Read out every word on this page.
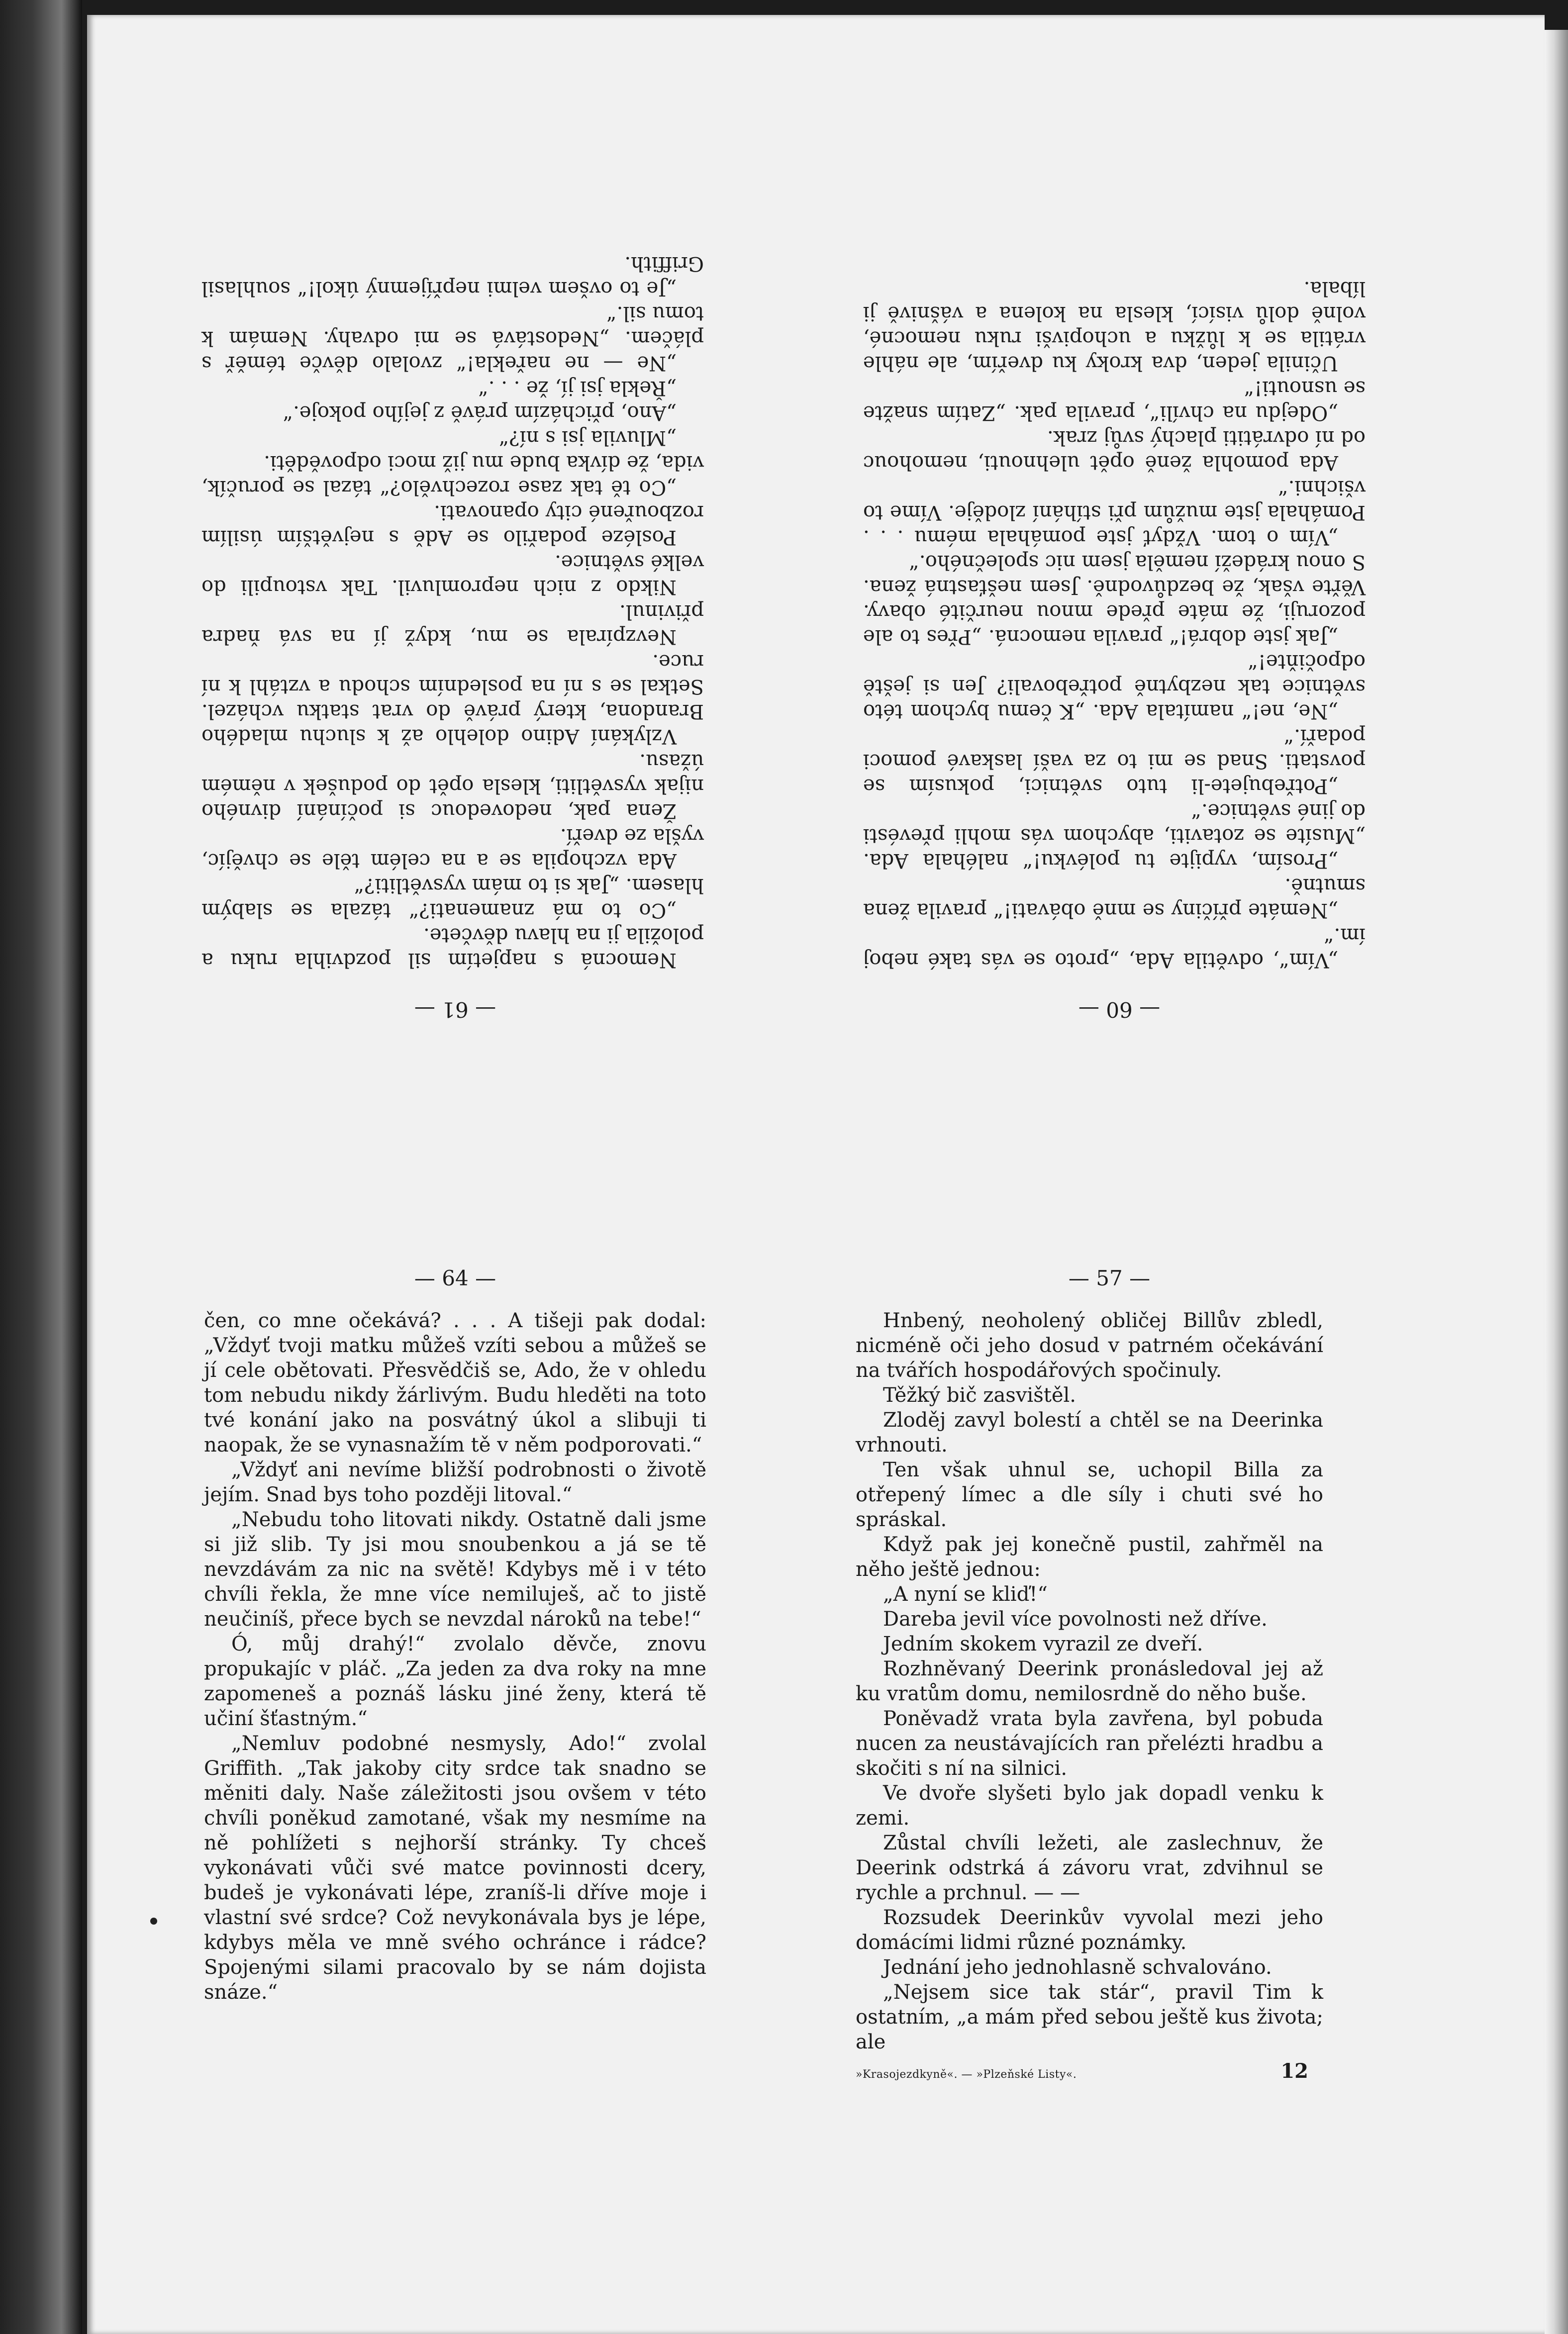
— 60 —

„Vím“, odvětila Ada, „proto se vás také neboj ím.“

„Nemáte příčiny se mně obávati!“ pravila žena smutně.

„Prosím, vypijte tu polévku!“ naléhala Ada. „Musíte se zotaviti, abychom vás mohli převésti do jiné světnice.“

„Potřebujete-li tuto světnici, pokusím se povstati. Snad se mi to za vaší laskavé pomoci podaří.“

„Ne, ne!“ namítala Ada. „K čemu bychom této světnice tak nezbytně potřebovali? Jen si ještě odpočiňte!“

„Jak jste dobrá!“ pravila nemocná. „Přes to ale pozoruji, že máte přede mnou neurčité obavy. Věřte však, že bezdůvodně. Jsem nešťastná žena. S onou krádeží neměla jsem nic společného.“

„Vím o tom. Vždyť jste pomáhala mému . . . Pomáhala jste mužům při stíhání zloděje. Víme to všichni.“

Ada pomohla ženě opět ulehnouti, nemohouc od ní odvrátiti plachý svůj zrak.

„Odejdu na chvíli“, pravila pak. „Zatím snažte se usnouti!“

Učinila jeden, dva kroky ku dveřím, ale náhle vrátila se k lůžku a uchopivši ruku nemocné, volně dolů visící, klesla na kolena a vášnivě ji líbala.

— 61 —

Nemocná s napjetím sil pozdvihla ruku a položila ji na hlavu děvčete.

„Co to má znamenati?“ tázala se slabým hlasem. „Jak si to mám vysvětliti?“

Ada vzchopila se a na celém těle se chvějíc, vyšla ze dveří.

Žena pak, nedovedouc si počínání divného nijak vysvětliti, klesla opět do podušek v němém úžasu.

Vzlykání Adino dolehlo až k sluchu mladého Brandona, který právě do vrat statku vcházel. Setkal se s ní na posledním schodu a vztáhl k ní ruce.

Nevzpírala se mu, když jí na svá ňadra přivinul.

Nikdo z nich nepromluvil. Tak vstoupili do velké světnice.

Posléze podařilo se Adě s největším úsilím rozbouřené city opanovati.

„Co tě tak zase rozechvělo?“ tázal se poručík, vida, že dívka bude mu již moci odpověděti.

„Mluvila jsi s ní?“

„Ano, přicházím právě z jejího pokoje.“

„Řekla jsi jí, že . . .“

„Ne — ne nařekla!“ zvolalo děvče téměř s pláčem. „Nedostává se mi odvahy. Nemám k tomu sil.“

„Je to ovšem velmi nepříjemný úkol!“ souhlasil Griffith.

— 64 —

čen, co mne očekává? . . . A tišeji pak dodal: „Vždyť tvoji matku můžeš vzíti sebou a můžeš se jí cele obětovati. Přesvědčiš se, Ado, že v ohledu tom nebudu nikdy žárlivým. Budu hleděti na toto tvé konání jako na posvátný úkol a slibuji ti naopak, že se vynasnažím tě v něm podporovati.“

„Vždyť ani nevíme bližší podrobnosti o životě jejím. Snad bys toho později litoval.“

„Nebudu toho litovati nikdy. Ostatně dali jsme si již slib. Ty jsi mou snoubenkou a já se tě nevzdávám za nic na světě! Kdybys mě i v této chvíli řekla, že mne více nemiluješ, ač to jistě neučiníš, přece bych se nevzdal nároků na tebe!“

Ó, můj drahý!“ zvolalo děvče, znovu propukajíc v pláč. „Za jeden za dva roky na mne zapomeneš a poznáš lásku jiné ženy, která tě učiní šťastným.“

„Nemluv podobné nesmysly, Ado!“ zvolal Griffith. „Tak jakoby city srdce tak snadno se měniti daly. Naše záležitosti jsou ovšem v této chvíli poněkud zamotané, však my nesmíme na ně pohlížeti s nejhorší stránky. Ty chceš vykonávati vůči své matce povinnosti dcery, budeš je vykonávati lépe, zraníš-li dříve moje i vlastní své srdce? Což nevykonávala bys je lépe, kdybys měla ve mně svého ochránce i rádce? Spojenými silami pracovalo by se nám dojista snáze.“

— 57 —

Hnbený, neoholený obličej Billův zbledl, nicméně oči jeho dosud v patrném očekávání na tvářích hospodářových spočinuly.

Těžký bič zasvištěl.

Zloděj zavyl bolestí a chtěl se na Deerinka vrhnouti.

Ten však uhnul se, uchopil Billa za otřepený límec a dle síly i chuti své ho spráskal.

Když pak jej konečně pustil, zahřměl na něho ještě jednou:

„A nyní se kliď!“

Dareba jevil více povolnosti než dříve.

Jedním skokem vyrazil ze dveří.

Rozhněvaný Deerink pronásledoval jej až ku vratům domu, nemilosrdně do něho buše.

Poněvadž vrata byla zavřena, byl pobuda nucen za neustávajících ran přelézti hradbu a skočiti s ní na silnici.

Ve dvoře slyšeti bylo jak dopadl venku k zemi.

Zůstal chvíli ležeti, ale zaslechnuv, že Deerink odstrká á závoru vrat, zdvihnul se rychle a prchnul. — —

Rozsudek Deerinkův vyvolal mezi jeho domácími lidmi různé poznámky.

Jednání jeho jednohlasně schvalováno.

„Nejsem sice tak stár“, pravil Tim k ostatním, „a mám před sebou ještě kus života; ale

»Krasojezdkyně«. — »Plzeňské Listy«.	12
